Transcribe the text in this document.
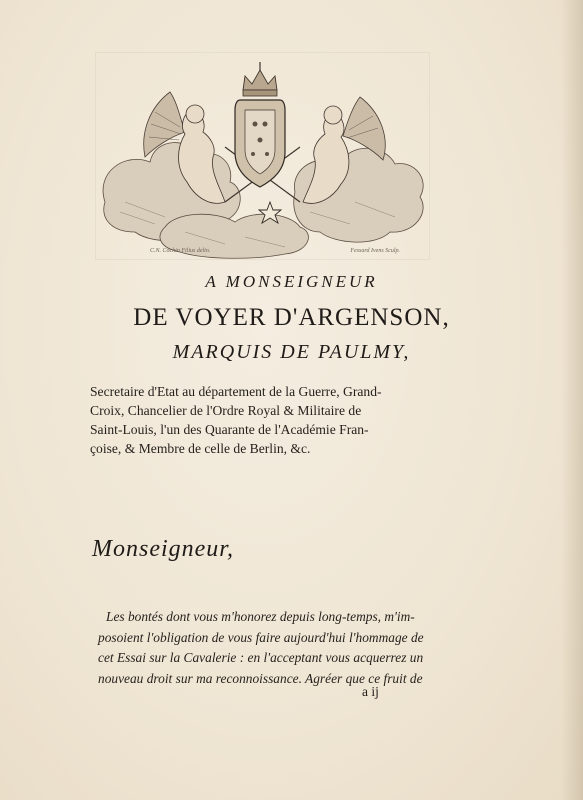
C.N. Cochin Filius delin.	Fessard Ivens Sculp.
A MONSEIGNEUR
DE VOYER D'ARGENSON,
MARQUIS DE PAULMY,
Secretaire d'Etat au département de la Guerre, Grand-
Croix, Chancelier de l'Ordre Royal & Militaire de
Saint-Louis, l'un des Quarante de l'Académie Fran-
çoise, & Membre de celle de Berlin, &c.
Monseigneur,
Les bontés dont vous m'honorez depuis long-temps, m'im-
posoient l'obligation de vous faire aujourd'hui l'hommage de
cet Essai sur la Cavalerie : en l'acceptant vous acquerrez un
nouveau droit sur ma reconnoissance. Agréer que ce fruit de
a ij
